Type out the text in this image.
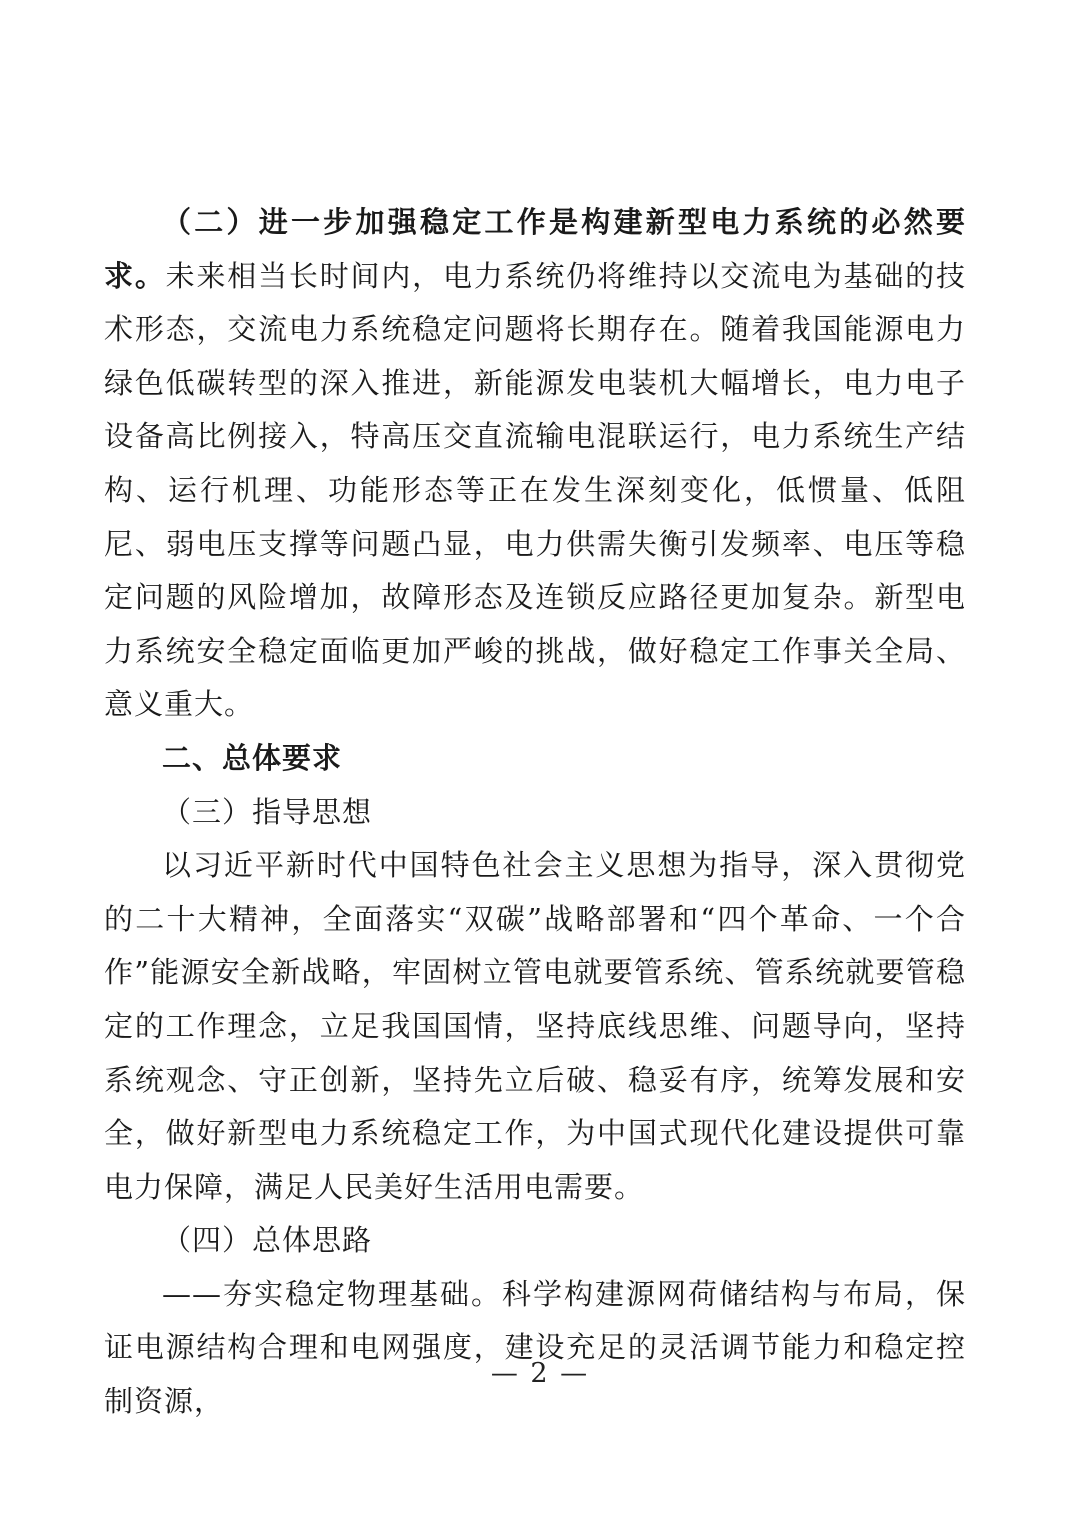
（二）进一步加强稳定工作是构建新型电力系统的必然要求。未来相当长时间内，电力系统仍将维持以交流电为基础的技术形态，交流电力系统稳定问题将长期存在。随着我国能源电力绿色低碳转型的深入推进，新能源发电装机大幅增长，电力电子设备高比例接入，特高压交直流输电混联运行，电力系统生产结构、运行机理、功能形态等正在发生深刻变化，低惯量、低阻尼、弱电压支撑等问题凸显，电力供需失衡引发频率、电压等稳定问题的风险增加，故障形态及连锁反应路径更加复杂。新型电力系统安全稳定面临更加严峻的挑战，做好稳定工作事关全局、意义重大。

二、总体要求

（三）指导思想

以习近平新时代中国特色社会主义思想为指导，深入贯彻党的二十大精神，全面落实“双碳”战略部署和“四个革命、一个合作”能源安全新战略，牢固树立管电就要管系统、管系统就要管稳定的工作理念，立足我国国情，坚持底线思维、问题导向，坚持系统观念、守正创新，坚持先立后破、稳妥有序，统筹发展和安全，做好新型电力系统稳定工作，为中国式现代化建设提供可靠电力保障，满足人民美好生活用电需要。

（四）总体思路

——夯实稳定物理基础。科学构建源网荷储结构与布局，保证电源结构合理和电网强度，建设充足的灵活调节能力和稳定控制资源，

— 2 —
